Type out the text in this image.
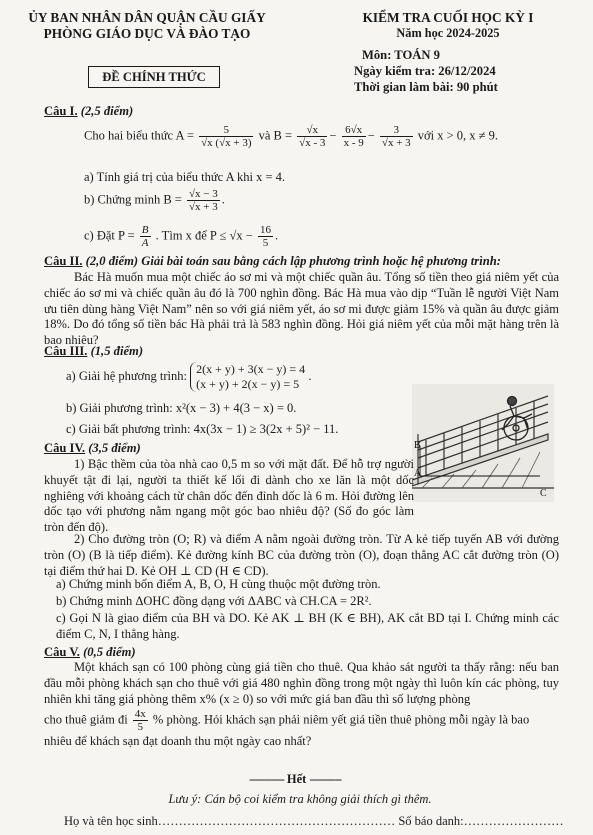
ỦY BAN NHÂN DÂN QUẬN CẦU GIẤY
PHÒNG GIÁO DỤC VÀ ĐÀO TẠO
ĐỀ CHÍNH THỨC
KIỂM TRA CUỐI HỌC KỲ I
Năm học 2024-2025
Môn: TOÁN 9
Ngày kiểm tra: 26/12/2024
Thời gian làm bài: 90 phút
Câu I. (2,5 điểm)
Cho hai biểu thức $A = \frac{5}{√x (√x + 3)}$ và $B = \frac{√x}{√x - 3} - \frac{6√x}{x - 9} - \frac{3}{√x + 3}$ với x > 0, x ≠ 9.
a) Tính giá trị của biểu thức A khi x = 4.
b) Chứng minh $B = \frac{√x - 3}{√x + 3}$ .
c) Đặt $P = \frac{B}{A}$ . Tìm x để $P \le √x - \frac{16}{5}$ .
Câu II. (2,0 điểm) Giải bài toán sau bằng cách lập phương trình hoặc hệ phương trình:
Bác Hà muốn mua một chiếc áo sơ mi và một chiếc quần âu. Tổng số tiền theo giá niêm yết của chiếc áo sơ mi và chiếc quần âu đó là 700 nghìn đồng. Bác Hà mua vào dịp “Tuần lễ người Việt Nam ưu tiên dùng hàng Việt Nam” nên so với giá niêm yết, áo sơ mi được giảm 15% và quần âu được giảm 18%. Do đó tổng số tiền bác Hà phải trả là 583 nghìn đồng. Hỏi giá niêm yết của mỗi mặt hàng trên là bao nhiêu?
Câu III. (1,5 điểm)
a) Giải hệ phương trình: 2(x + y) + 3(x − y) = 4
(x + y) + 2(x − y) = 5
.
b) Giải phương trình: x²(x − 3) + 4(3 − x) = 0.
c) Giải bất phương trình: 4x(3x − 1) ≥ 3(2x + 5)² − 11.
B
A
C
Câu IV. (3,5 điểm)
1) Bậc thềm của tòa nhà cao 0,5 m so với mặt đất. Để hỗ trợ người khuyết tật đi lại, người ta thiết kế lối đi dành cho xe lăn là một dốc nghiêng với khoảng cách từ chân dốc đến đỉnh dốc là 6 m. Hỏi đường lên dốc tạo với phương nằm ngang một góc bao nhiêu độ? (Số đo góc làm tròn đến độ).
2) Cho đường tròn (O; R) và điểm A nằm ngoài đường tròn. Từ A kẻ tiếp tuyến AB với đường tròn (O) (B là tiếp điểm). Kẻ đường kính BC của đường tròn (O), đoạn thẳng AC cắt đường tròn (O) tại điểm thứ hai D. Kẻ OH ⊥ CD (H ∈ CD).
a) Chứng minh bốn điểm A, B, O, H cùng thuộc một đường tròn.
b) Chứng minh ΔOHC đồng dạng với ΔABC và CH.CA = 2R².
c) Gọi N là giao điểm của BH và DO. Kẻ AK ⊥ BH (K ∈ BH), AK cắt BD tại I. Chứng minh các điểm C, N, I thẳng hàng.
Câu V. (0,5 điểm)
Một khách sạn có 100 phòng cùng giá tiền cho thuê. Qua khảo sát người ta thấy rằng: nếu ban đầu mỗi phòng khách sạn cho thuê với giá 480 nghìn đồng trong một ngày thì luôn kín các phòng, tuy nhiên khi tăng giá phòng thêm x% (x ≥ 0) so với mức giá ban đầu thì số lượng phòng
cho thuê giảm đi $\frac{4x}{5}$ % phòng. Hỏi khách sạn phải niêm yết giá tiền thuê phòng mỗi ngày là bao
nhiêu để khách sạn đạt doanh thu một ngày cao nhất?
----------- Hết ----------
Lưu ý: Cán bộ coi kiểm tra không giải thích gì thêm.
Họ và tên học sinh………………………………………………… Số báo danh:……………………
